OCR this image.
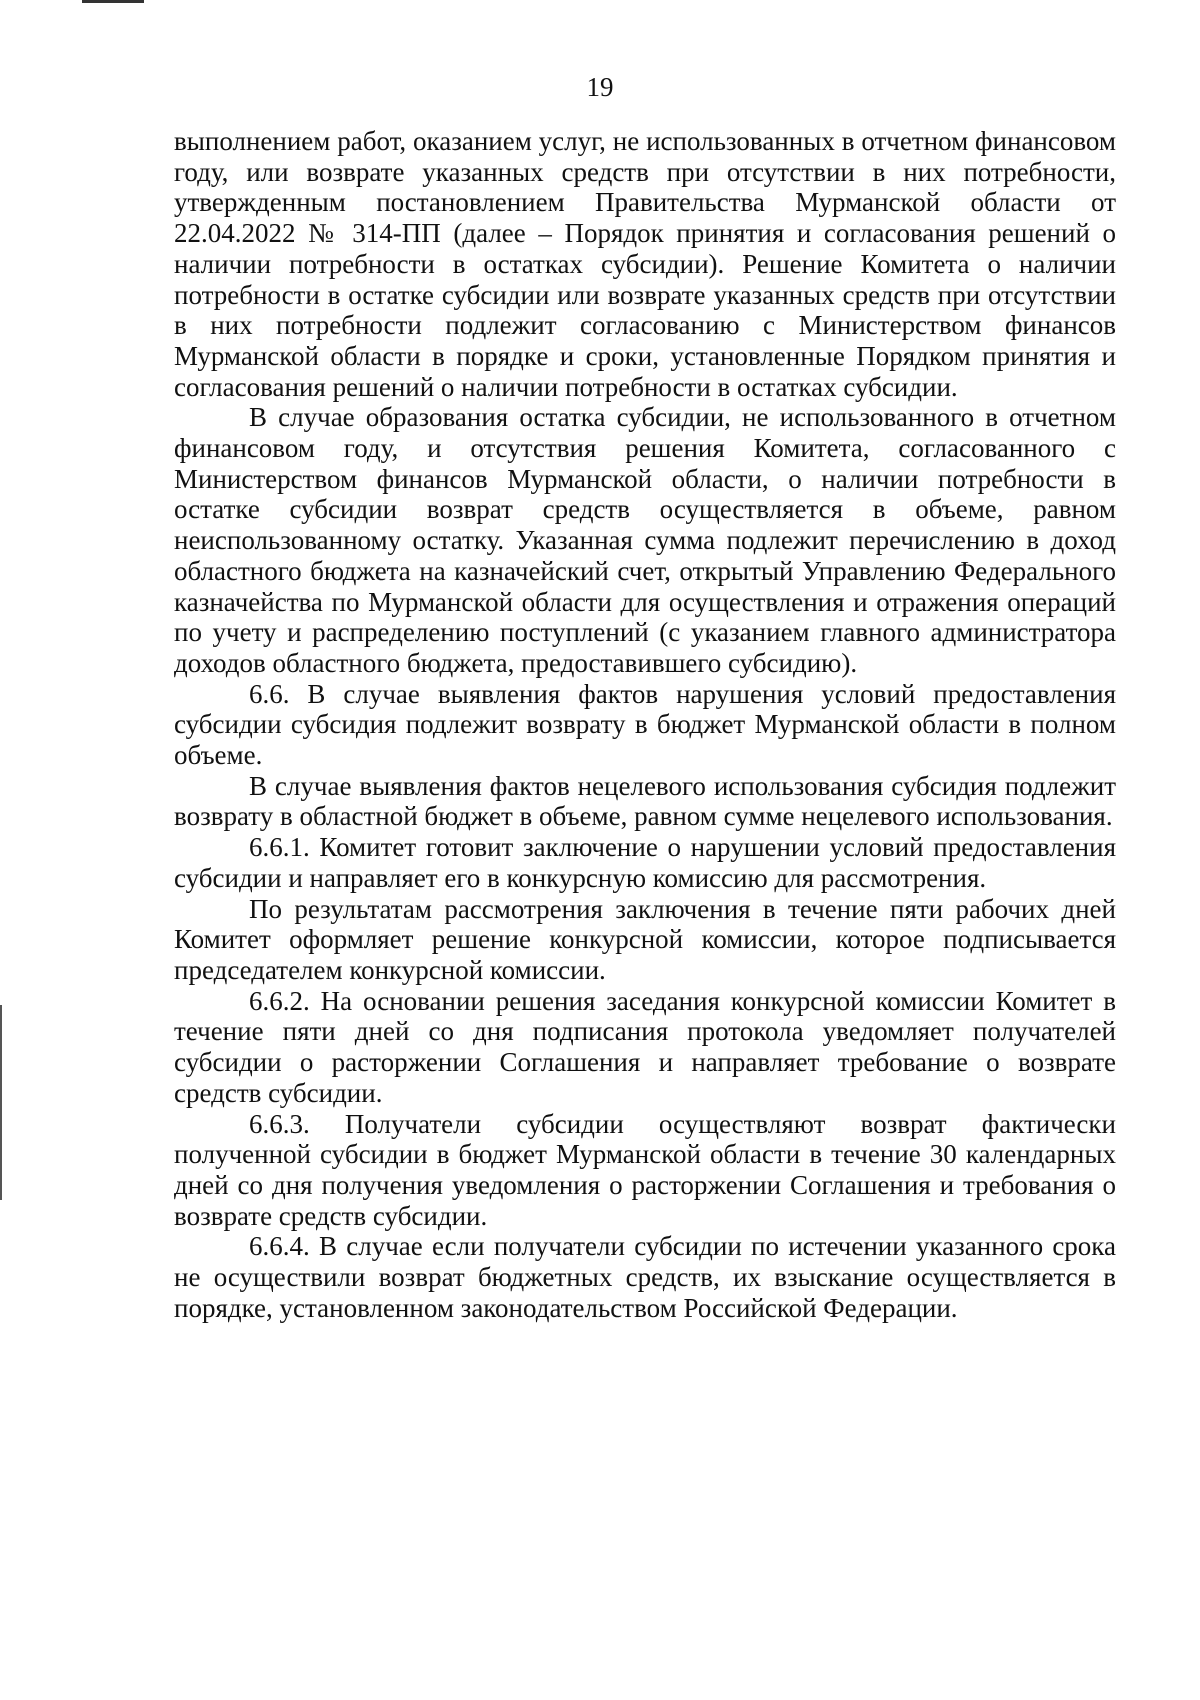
19

выполнением работ, оказанием услуг, не использованных в отчетном финансовом году, или возврате указанных средств при отсутствии в них потребности, утвержденным постановлением Правительства Мурманской области от 22.04.2022 № 314-ПП (далее – Порядок принятия и согласования решений о наличии потребности в остатках субсидии). Решение Комитета о наличии потребности в остатке субсидии или возврате указанных средств при отсутствии в них потребности подлежит согласованию с Министерством финансов Мурманской области в порядке и сроки, установленные Порядком принятия и согласования решений о наличии потребности в остатках субсидии.

В случае образования остатка субсидии, не использованного в отчетном финансовом году, и отсутствия решения Комитета, согласованного с Министерством финансов Мурманской области, о наличии потребности в остатке субсидии возврат средств осуществляется в объеме, равном неиспользованному остатку. Указанная сумма подлежит перечислению в доход областного бюджета на казначейский счет, открытый Управлению Федерального казначейства по Мурманской области для осуществления и отражения операций по учету и распределению поступлений (с указанием главного администратора доходов областного бюджета, предоставившего субсидию).

6.6. В случае выявления фактов нарушения условий предоставления субсидии субсидия подлежит возврату в бюджет Мурманской области в полном объеме.

В случае выявления фактов нецелевого использования субсидия подлежит возврату в областной бюджет в объеме, равном сумме нецелевого использования.

6.6.1. Комитет готовит заключение о нарушении условий предоставления субсидии и направляет его в конкурсную комиссию для рассмотрения.

По результатам рассмотрения заключения в течение пяти рабочих дней Комитет оформляет решение конкурсной комиссии, которое подписывается председателем конкурсной комиссии.

6.6.2. На основании решения заседания конкурсной комиссии Комитет в течение пяти дней со дня подписания протокола уведомляет получателей субсидии о расторжении Соглашения и направляет требование о возврате средств субсидии.

6.6.3. Получатели субсидии осуществляют возврат фактически полученной субсидии в бюджет Мурманской области в течение 30 календарных дней со дня получения уведомления о расторжении Соглашения и требования о возврате средств субсидии.

6.6.4. В случае если получатели субсидии по истечении указанного срока не осуществили возврат бюджетных средств, их взыскание осуществляется в порядке, установленном законодательством Российской Федерации.
